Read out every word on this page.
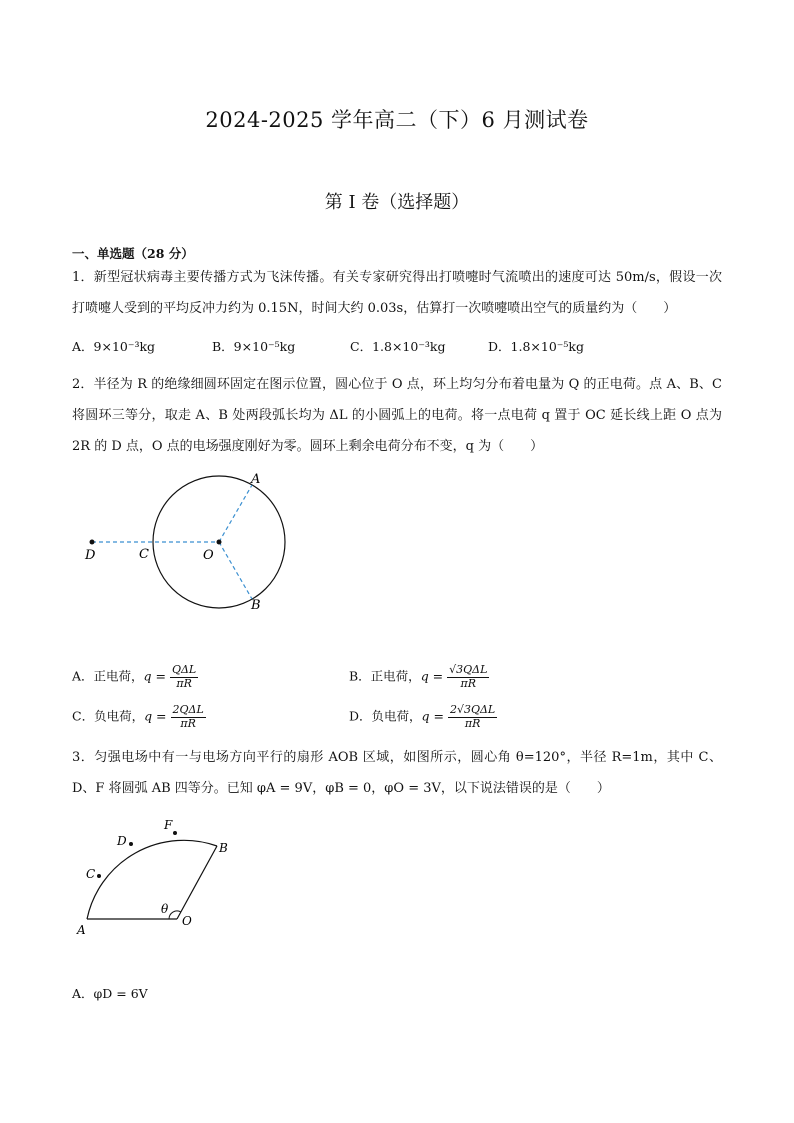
2024-2025 学年高二（下）6 月测试卷
第 I 卷（选择题）
一、单选题（28 分）
1．新型冠状病毒主要传播方式为飞沫传播。有关专家研究得出打喷嚏时气流喷出的速度可达 50m/s，假设一次打喷嚏人受到的平均反冲力约为 0.15N，时间大约 0.03s，估算打一次喷嚏喷出空气的质量约为（　　）
A．9×10⁻³kg	B．9×10⁻⁵kg	C．1.8×10⁻³kg	D．1.8×10⁻⁵kg
2．半径为 R 的绝缘细圆环固定在图示位置，圆心位于 O 点，环上均匀分布着电量为 Q 的正电荷。点 A、B、C 将圆环三等分，取走 A、B 处两段弧长均为 ΔL 的小圆弧上的电荷。将一点电荷 q 置于 OC 延长线上距 O 点为 2R 的 D 点，O 点的电场强度刚好为零。圆环上剩余电荷分布不变，q 为（　　）
A
B
C
D	O
A．正电荷，$q = \frac{\text{QΔL}}{\pi R}$	B．正电荷，$q = \frac{\text{√3QΔL}}{\pi R}$
C．负电荷，$q = \frac{\text{2QΔL}}{\pi R}$	D．负电荷，$q = \frac{\text{2√3QΔL}}{\pi R}$
3．匀强电场中有一与电场方向平行的扇形 AOB 区域，如图所示，圆心角 θ=120°，半径 R=1m，其中 C、D、F 将圆弧 AB 四等分。已知 φA = 9V，φB = 0，φO = 3V，以下说法错误的是（　　）
A
B
C
D
F
O
θ
A．φD = 6V
